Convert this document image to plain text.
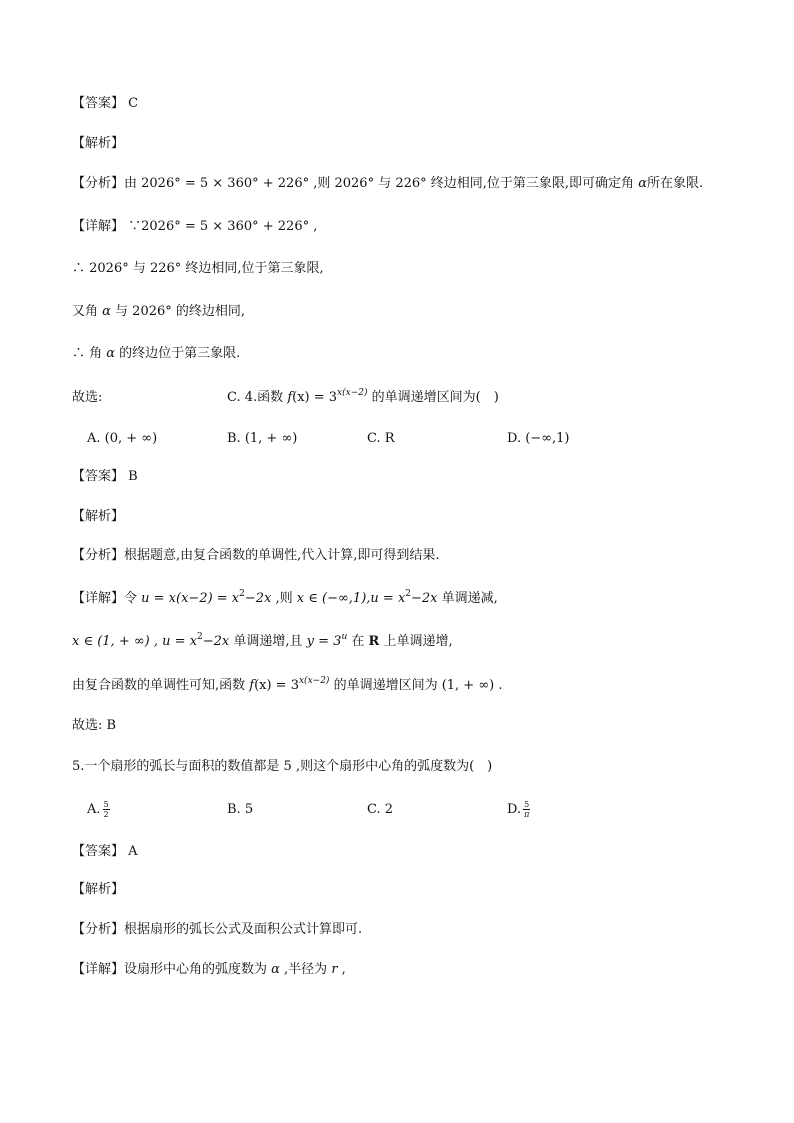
【答案】 C
【解析】
【分析】由 2026° = 5 × 360° + 226° ,则 2026° 与 226° 终边相同,位于第三象限,即可确定角 α所在象限.
【详解】 ∵2026° = 5 × 360° + 226° ,
∴ 2026° 与 226° 终边相同,位于第三象限,
又角 α 与 2026° 的终边相同,
∴ 角 α 的终边位于第三象限.
故选:	C. 4.函数 $f(x) = 3^{x(x-2)}$ 的单调递增区间为(　)
A. (0, + ∞)	B. (1, + ∞)	C. R	D. (−∞,1)
【答案】 B
【解析】
【分析】根据题意,由复合函数的单调性,代入计算,即可得到结果.
【详解】令 $u = x(x-2) = x^2-2x$ ,则 x ∈ $(-\infty,1),u = x^2-2x$ 单调递减,
x ∈ (1, + ∞) , $u = x^2-2x$ 单调递增,且 $y = 3^u$ 在 R 上单调递增,
由复合函数的单调性可知,函数 $f(x) = 3^{x(x-2)}$ 的单调递增区间为 (1, + ∞) .
故选: B
5.一个扇形的弧长与面积的数值都是 5 ,则这个扇形中心角的弧度数为(　)
A. $\frac{5}{2}$	B. 5	C. 2	D. $\frac{5}{\pi}$
【答案】 A
【解析】
【分析】根据扇形的弧长公式及面积公式计算即可.
【详解】设扇形中心角的弧度数为 α ,半径为 r ,
